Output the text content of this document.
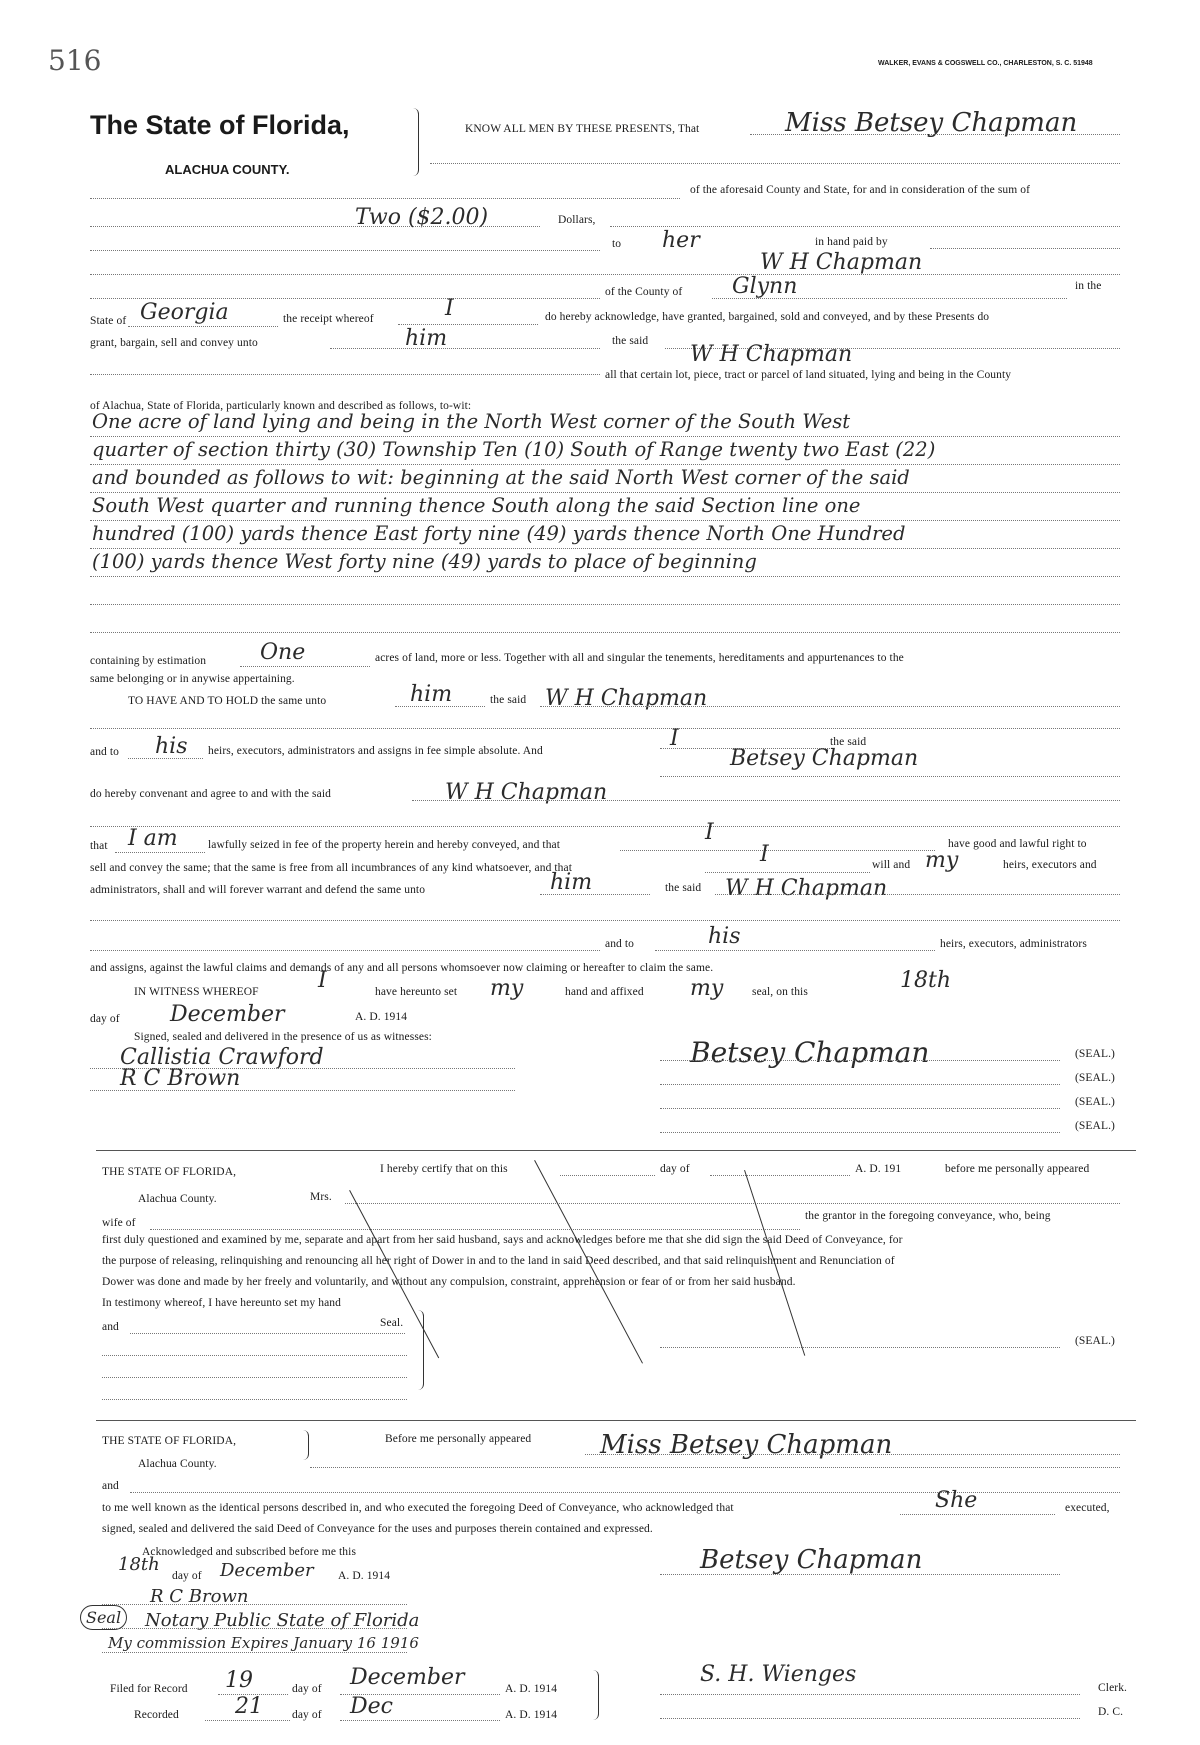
516	WALKER, EVANS & COGSWELL CO., CHARLESTON, S. C. 51948
The State of Florida,
ALACHUA COUNTY.
KNOW ALL MEN BY THESE PRESENTS, That	Miss Betsey Chapman
of the aforesaid County and State, for and in consideration of the sum of
Two ($2.00)	Dollars,
to her	in hand paid by
W H Chapman
of the County of Glynn	in the
State of Georgia	the receipt whereof	I	do hereby acknowledge, have granted, bargained, sold and conveyed, and by these Presents do
grant, bargain, sell and convey unto	him	the said
W H Chapman
all that certain lot, piece, tract or parcel of land situated, lying and being in the County
of Alachua, State of Florida, particularly known and described as follows, to-wit:
One acre of land lying and being in the North West corner of the South West
quarter of section thirty (30) Township Ten (10) South of Range twenty two East (22)
and bounded as follows to wit: beginning at the said North West corner of the said
South West quarter and running thence South along the said Section line one
hundred (100) yards thence East forty nine (49) yards thence North One Hundred
(100) yards thence West forty nine (49) yards to place of beginning
containing by estimation One	acres of land, more or less. Together with all and singular the tenements, hereditaments and appurtenances to the
same belonging or in anywise appertaining.
TO HAVE AND TO HOLD the same unto	him	the said W H Chapman
and to his heirs, executors, administrators and assigns in fee simple absolute. And	I	the said
Betsey Chapman
do hereby convenant and agree to and with the said	W H Chapman
that I am	lawfully seized in fee of the property herein and hereby conveyed, and that	I	have good and lawful right to
sell and convey the same; that the same is free from all incumbrances of any kind whatsoever, and that
I	will and my	heirs, executors and
administrators, shall and will forever warrant and defend the same unto	him	the said W H Chapman
and to	his	heirs, executors, administrators
and assigns, against the lawful claims and demands of any and all persons whomsoever now claiming or hereafter to claim the same.
IN WITNESS WHEREOF	I	have hereunto set my	hand and affixed my seal, on this	18th
day of December	A. D. 1914
Signed, sealed and delivered in the presence of us as witnesses:
Callistia Crawford
R C Brown
Betsey Chapman	(SEAL.)
(SEAL.)
(SEAL.)
(SEAL.)
THE STATE OF FLORIDA,
Alachua County.
I hereby certify that on this	day of	A. D. 191	before me personally appeared
Mrs.
wife of
the grantor in the foregoing conveyance, who, being
first duly questioned and examined by me, separate and apart from her said husband, says and acknowledges before me that she did sign the said Deed of Conveyance, for
the purpose of releasing, relinquishing and renouncing all her right of Dower in and to the land in said Deed described, and that said relinquishment and Renunciation of
Dower was done and made by her freely and voluntarily, and without any compulsion, constraint, apprehension or fear of or from her said husband.
In testimony whereof, I have hereunto set my hand
and	Seal.
(SEAL.)
THE STATE OF FLORIDA,
Alachua County.
Before me personally appeared	Miss Betsey Chapman
and
to me well known as the identical persons described in, and who executed the foregoing Deed of Conveyance, who acknowledged that	She	executed,
signed, sealed and delivered the said Deed of Conveyance for the uses and purposes therein contained and expressed.
Acknowledged and subscribed before me this
18th
day of December A. D. 1914
R C Brown
Notary Public State of Florida
Seal
My commission Expires January 16 1916
Betsey Chapman
Filed for Record 19	day of December	A. D. 1914
Recorded	21	day of Dec	A. D. 1914
S. H. Wienges
Clerk.
D. C.
